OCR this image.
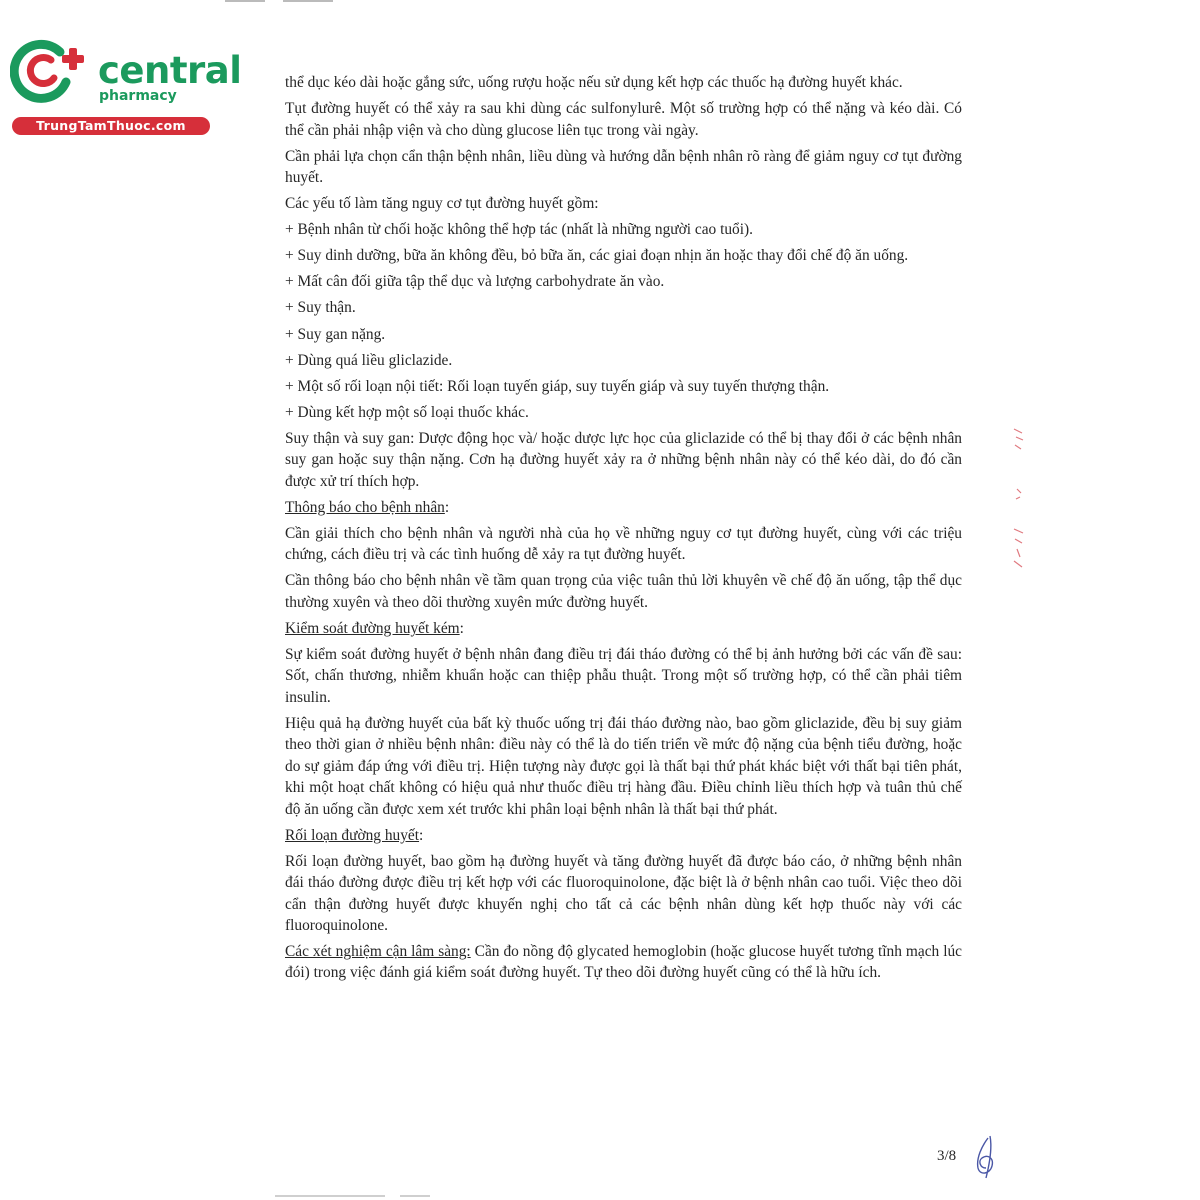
central
pharmacy
TrungTamThuoc.com

thể dục kéo dài hoặc gắng sức, uống rượu hoặc nếu sử dụng kết hợp các thuốc hạ đường huyết khác.

Tụt đường huyết có thể xảy ra sau khi dùng các sulfonylurê. Một số trường hợp có thể nặng và kéo dài. Có thể cần phải nhập viện và cho dùng glucose liên tục trong vài ngày.

Cần phải lựa chọn cẩn thận bệnh nhân, liều dùng và hướng dẫn bệnh nhân rõ ràng để giảm nguy cơ tụt đường huyết.

Các yếu tố làm tăng nguy cơ tụt đường huyết gồm:

+ Bệnh nhân từ chối hoặc không thể hợp tác (nhất là những người cao tuổi).

+ Suy dinh dưỡng, bữa ăn không đều, bỏ bữa ăn, các giai đoạn nhịn ăn hoặc thay đổi chế độ ăn uống.

+ Mất cân đối giữa tập thể dục và lượng carbohydrate ăn vào.

+ Suy thận.

+ Suy gan nặng.

+ Dùng quá liều gliclazide.

+ Một số rối loạn nội tiết: Rối loạn tuyến giáp, suy tuyến giáp và suy tuyến thượng thận.

+ Dùng kết hợp một số loại thuốc khác.

Suy thận và suy gan: Dược động học và/ hoặc dược lực học của gliclazide có thể bị thay đổi ở các bệnh nhân suy gan hoặc suy thận nặng. Cơn hạ đường huyết xảy ra ở những bệnh nhân này có thể kéo dài, do đó cần được xử trí thích hợp.

Thông báo cho bệnh nhân:

Cần giải thích cho bệnh nhân và người nhà của họ về những nguy cơ tụt đường huyết, cùng với các triệu chứng, cách điều trị và các tình huống dễ xảy ra tụt đường huyết.

Cần thông báo cho bệnh nhân về tầm quan trọng của việc tuân thủ lời khuyên về chế độ ăn uống, tập thể dục thường xuyên và theo dõi thường xuyên mức đường huyết.

Kiểm soát đường huyết kém:

Sự kiểm soát đường huyết ở bệnh nhân đang điều trị đái tháo đường có thể bị ảnh hưởng bởi các vấn đề sau: Sốt, chấn thương, nhiễm khuẩn hoặc can thiệp phẫu thuật. Trong một số trường hợp, có thể cần phải tiêm insulin.

Hiệu quả hạ đường huyết của bất kỳ thuốc uống trị đái tháo đường nào, bao gồm gliclazide, đều bị suy giảm theo thời gian ở nhiều bệnh nhân: điều này có thể là do tiến triển về mức độ nặng của bệnh tiểu đường, hoặc do sự giảm đáp ứng với điều trị. Hiện tượng này được gọi là thất bại thứ phát khác biệt với thất bại tiên phát, khi một hoạt chất không có hiệu quả như thuốc điều trị hàng đầu. Điều chỉnh liều thích hợp và tuân thủ chế độ ăn uống cần được xem xét trước khi phân loại bệnh nhân là thất bại thứ phát.

Rối loạn đường huyết:

Rối loạn đường huyết, bao gồm hạ đường huyết và tăng đường huyết đã được báo cáo, ở những bệnh nhân đái tháo đường được điều trị kết hợp với các fluoroquinolone, đặc biệt là ở bệnh nhân cao tuổi. Việc theo dõi cẩn thận đường huyết được khuyến nghị cho tất cả các bệnh nhân dùng kết hợp thuốc này với các fluoroquinolone.

Các xét nghiệm cận lâm sàng: Cần đo nồng độ glycated hemoglobin (hoặc glucose huyết tương tĩnh mạch lúc đói) trong việc đánh giá kiểm soát đường huyết. Tự theo dõi đường huyết cũng có thể là hữu ích.

3/8
